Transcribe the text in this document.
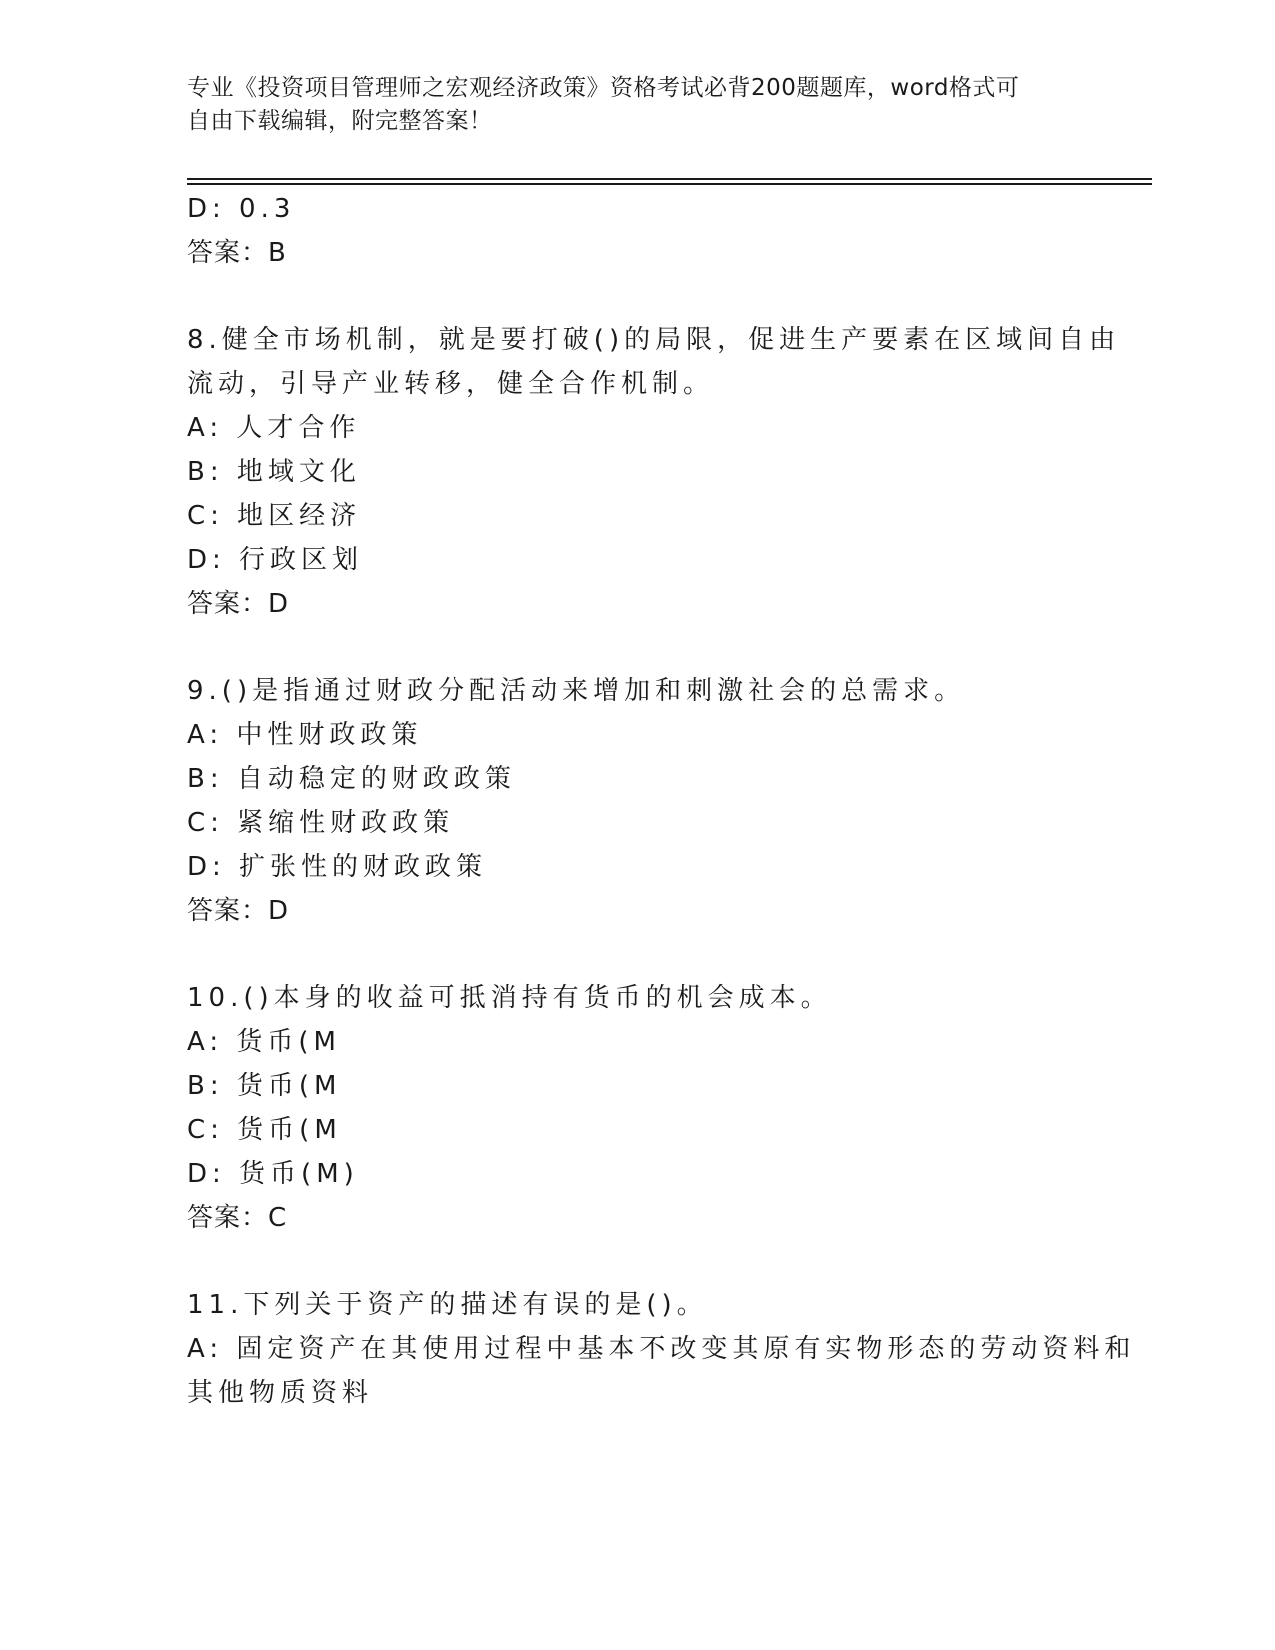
专业《投资项目管理师之宏观经济政策》资格考试必背200题题库，word格式可
自由下载编辑，附完整答案！
D: 0.3
答案：B
8.健全市场机制，就是要打破()的局限，促进生产要素在区域间自由
流动，引导产业转移，健全合作机制。
A: 人才合作
B: 地域文化
C: 地区经济
D: 行政区划
答案：D
9.()是指通过财政分配活动来增加和刺激社会的总需求。
A: 中性财政政策
B: 自动稳定的财政政策
C: 紧缩性财政政策
D: 扩张性的财政政策
答案：D
10.()本身的收益可抵消持有货币的机会成本。
A: 货币(M
B: 货币(M
C: 货币(M
D: 货币(M)
答案：C
11.下列关于资产的描述有误的是()。
A: 固定资产在其使用过程中基本不改变其原有实物形态的劳动资料和
其他物质资料
